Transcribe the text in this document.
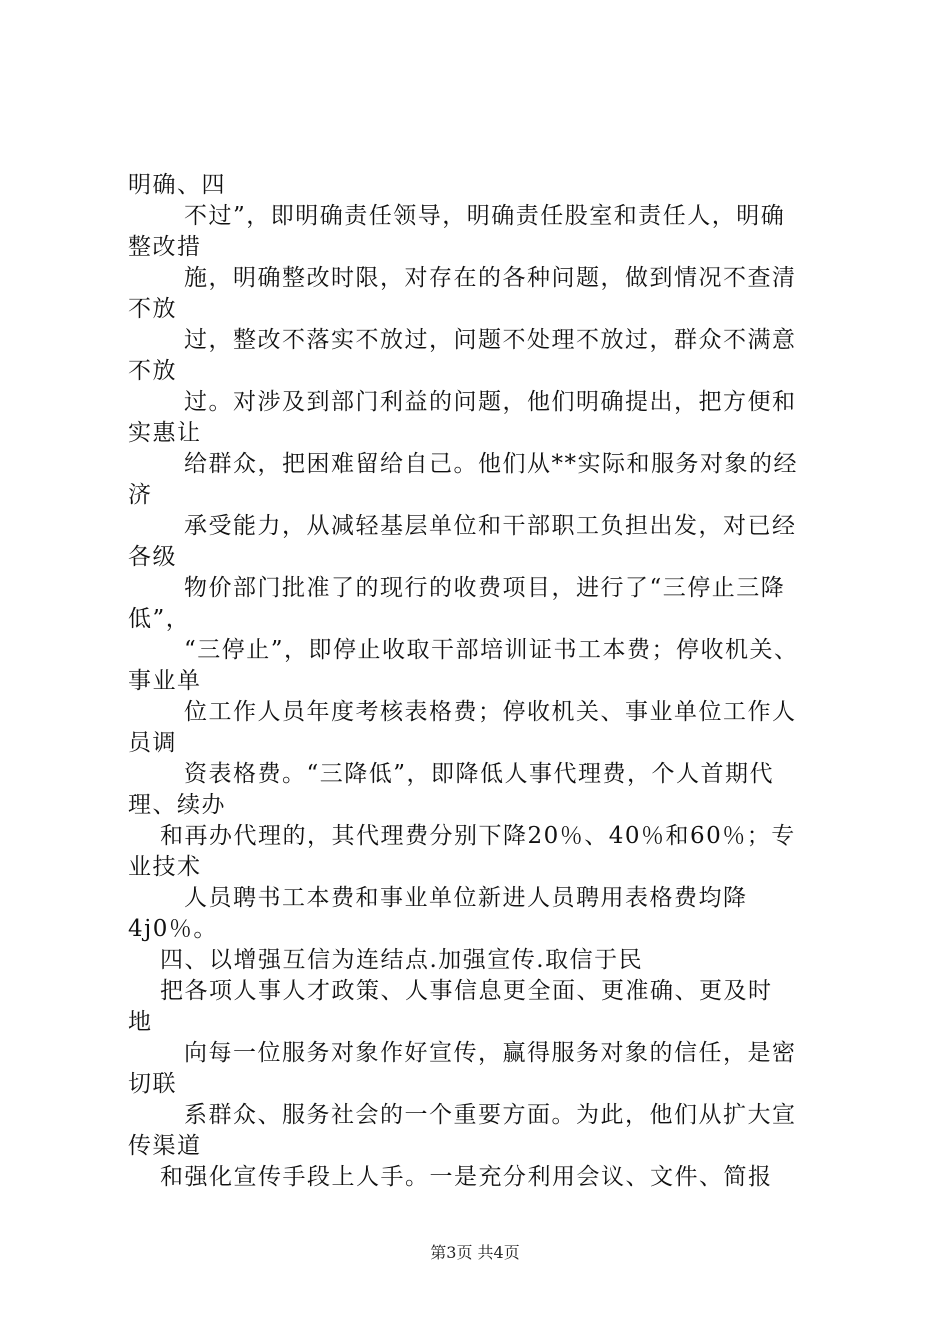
明确、四
不过”，即明确责任领导，明确责任股室和责任人，明确
整改措
施，明确整改时限，对存在的各种问题，做到情况不查清
不放
过，整改不落实不放过，问题不处理不放过，群众不满意
不放
过。对涉及到部门利益的问题，他们明确提出，把方便和
实惠让
给群众，把困难留给自己。他们从**实际和服务对象的经
济
承受能力，从减轻基层单位和干部职工负担出发，对已经
各级
物价部门批准了的现行的收费项目，进行了“三停止三降
低”，
“三停止”，即停止收取干部培训证书工本费；停收机关、
事业单
位工作人员年度考核表格费；停收机关、事业单位工作人
员调
资表格费。“三降低”，即降低人事代理费，个人首期代
理、续办
和再办代理的，其代理费分别下降20％、40％和60％；专
业技术
人员聘书工本费和事业单位新进人员聘用表格费均降
4j0％。
四、以增强互信为连结点.加强宣传.取信于民
把各项人事人才政策、人事信息更全面、更准确、更及时
地
向每一位服务对象作好宣传，赢得服务对象的信任，是密
切联
系群众、服务社会的一个重要方面。为此，他们从扩大宣
传渠道
和强化宣传手段上人手。一是充分利用会议、文件、简报
第3页 共4页
